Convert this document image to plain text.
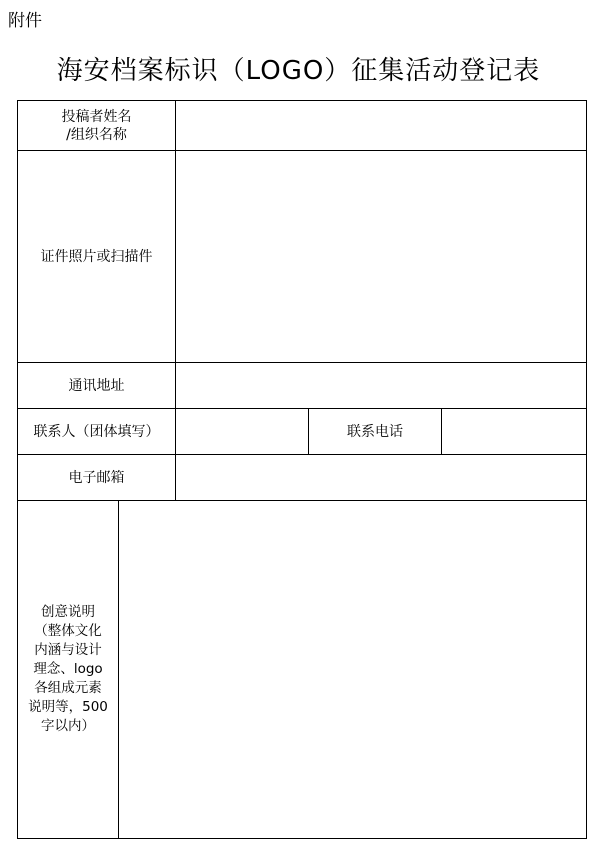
附件
海安档案标识（LOGO）征集活动登记表
投稿者姓名
/组织名称
证件照片或扫描件
通讯地址
联系人（团体填写）	联系电话
电子邮箱
创意说明
（整体文化
内涵与设计
理念、logo
各组成元素
说明等，500
字以内）
